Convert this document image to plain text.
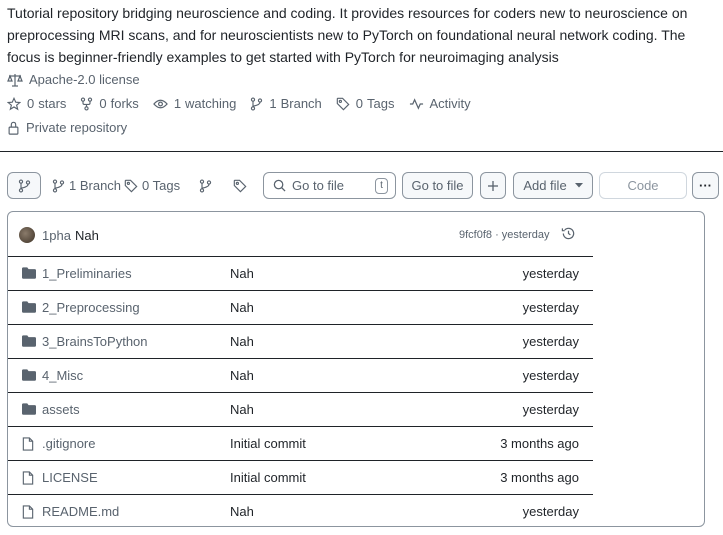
Tutorial repository bridging neuroscience and coding. It provides resources for coders new to neuroscience on preprocessing MRI scans, and for neuroscientists new to PyTorch on foundational neural network coding. The focus is beginner-friendly examples to get started with PyTorch for neuroimaging analysis

Apache-2.0 license
0 stars	0 forks	1 watching	1 Branch	0 Tags	Activity
Private repository
1 Branch 0 Tags	Go to file	t	Go to file	Add file	Code	···
1pha Nah	9fcf0f8 · yesterday
1_Preliminaries	Nah	yesterday
2_Preprocessing	Nah	yesterday
3_BrainsToPython	Nah	yesterday
4_Misc	Nah	yesterday
assets	Nah	yesterday
.gitignore	Initial commit	3 months ago
LICENSE	Initial commit	3 months ago
README.md	Nah	yesterday
